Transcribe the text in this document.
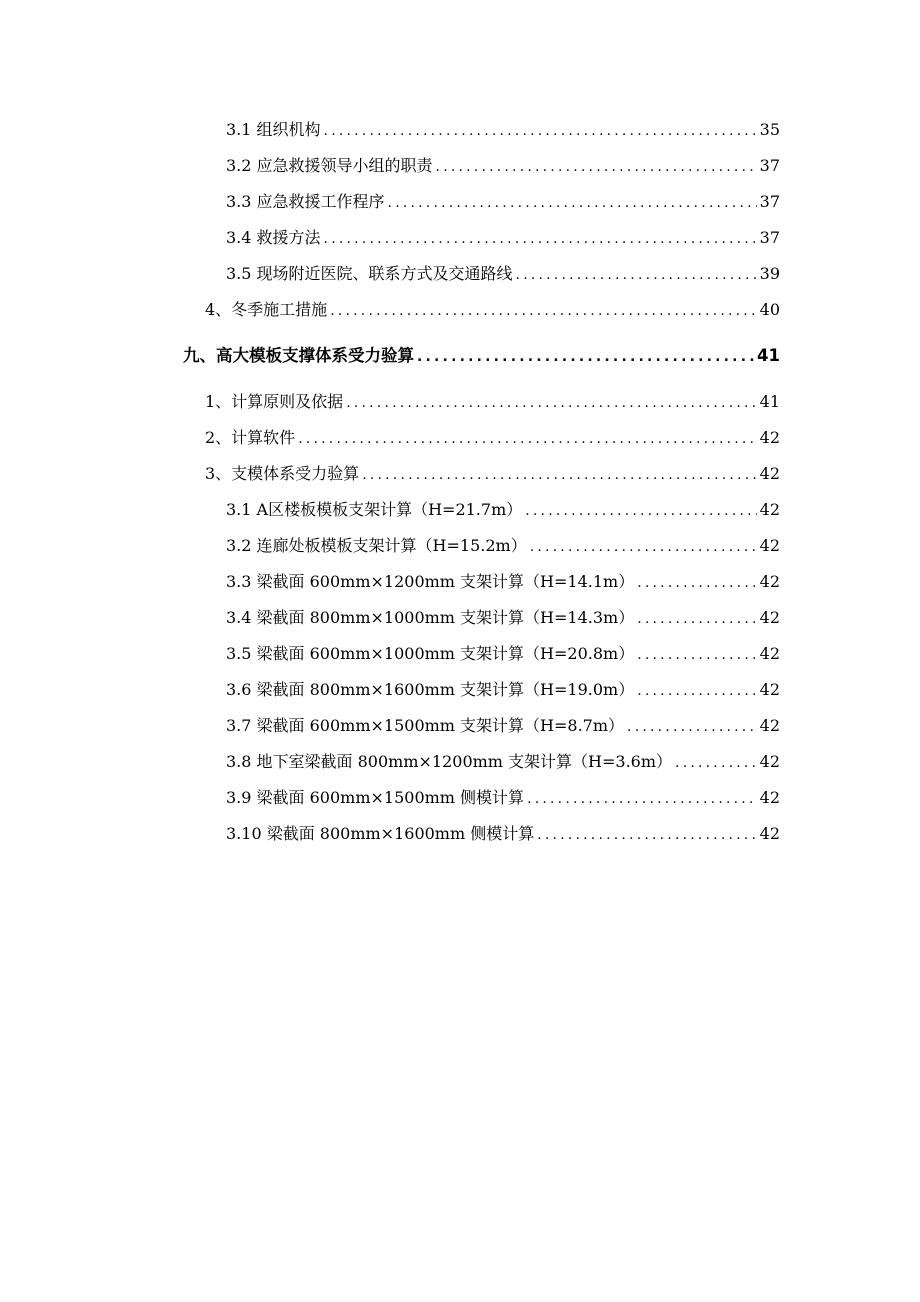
3.1 组织机构 .....	35
3.2 应急救援领导小组的职责 .....	37
3.3 应急救援工作程序 .....	37
3.4 救援方法 .....	37
3.5 现场附近医院、联系方式及交通路线 .....	39
4、冬季施工措施 .....	40
九、高大模板支撑体系受力验算 .....	41
1、计算原则及依据 .....	41
2、计算软件 .....	42
3、支模体系受力验算 .....	42
3.1 A区楼板模板支架计算（H=21.7m） .....	42
3.2 连廊处板模板支架计算（H=15.2m） .....	42
3.3 梁截面 600mm×1200mm 支架计算（H=14.1m） .....	42
3.4 梁截面 800mm×1000mm 支架计算（H=14.3m） .....	42
3.5 梁截面 600mm×1000mm 支架计算（H=20.8m） .....	42
3.6 梁截面 800mm×1600mm 支架计算（H=19.0m） .....	42
3.7 梁截面 600mm×1500mm 支架计算（H=8.7m） .....	42
3.8 地下室梁截面 800mm×1200mm 支架计算（H=3.6m） .....	42
3.9 梁截面 600mm×1500mm 侧模计算 .....	42
3.10 梁截面 800mm×1600mm 侧模计算 .....	42
